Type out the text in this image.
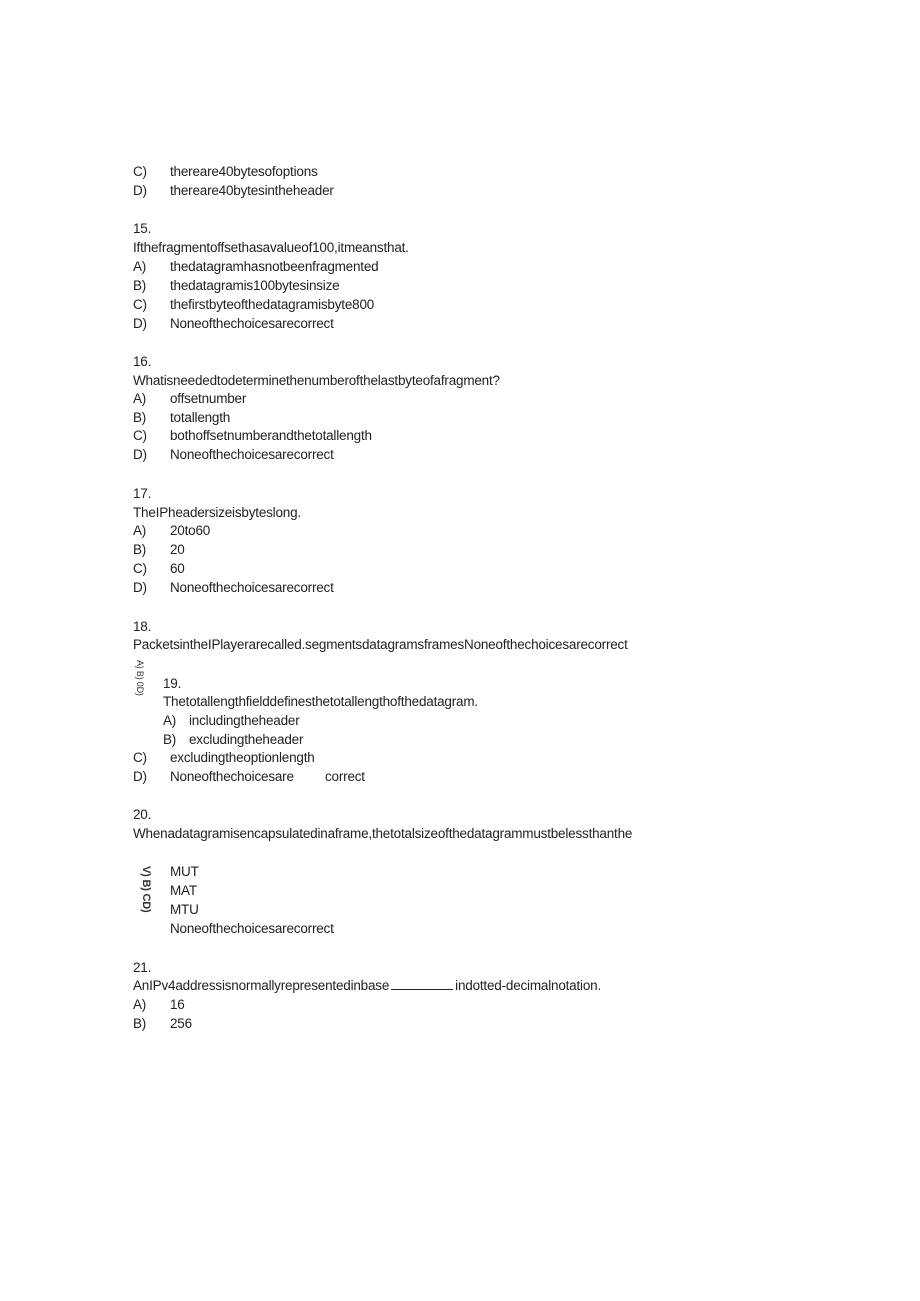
C) thereare40bytesofoptions
D) thereare40bytesintheheader
15.
Ifthefragmentoffsethasavalueof100,itmeansthat.
A) thedatagramhasnotbeenfragmented
B) thedatagramis100bytesinsize
C) thefirstbyteofthedatagramisbyte800
D) Noneofthechoicesarecorrect
16.
Whatisneededtodeterminethenumberofthelastbyteofafragment?
A) offsetnumber
B) totallength
C) bothoffsetnumberandthetotallength
D) Noneofthechoicesarecorrect
17.
TheIPheadersizeisbyteslong.
A) 20to60
B) 20
C) 60
D) Noneofthechoicesarecorrect
18.
PacketsintheIPlayerarecalled.segmentsdatagramsframesNoneofthechoicesarecorrect
A) B) 0D) 19.
Thetotallengthfielddefinesthetotallengthofthedatagram.
A) includingtheheader
B) excludingtheheader
C) excludingtheoptionlength
D) Noneofthechoicesare correct
20.
Whenadatagramisencapsulatedinaframe,thetotalsizeofthedatagrammustbelessthanthe
V) B) CD) MUT
MAT
MTU
Noneofthechoicesarecorrect
21.
AnIPv4addressisnormallyrepresentedinbase	indotted-decimalnotation.
A) 16
B) 256
